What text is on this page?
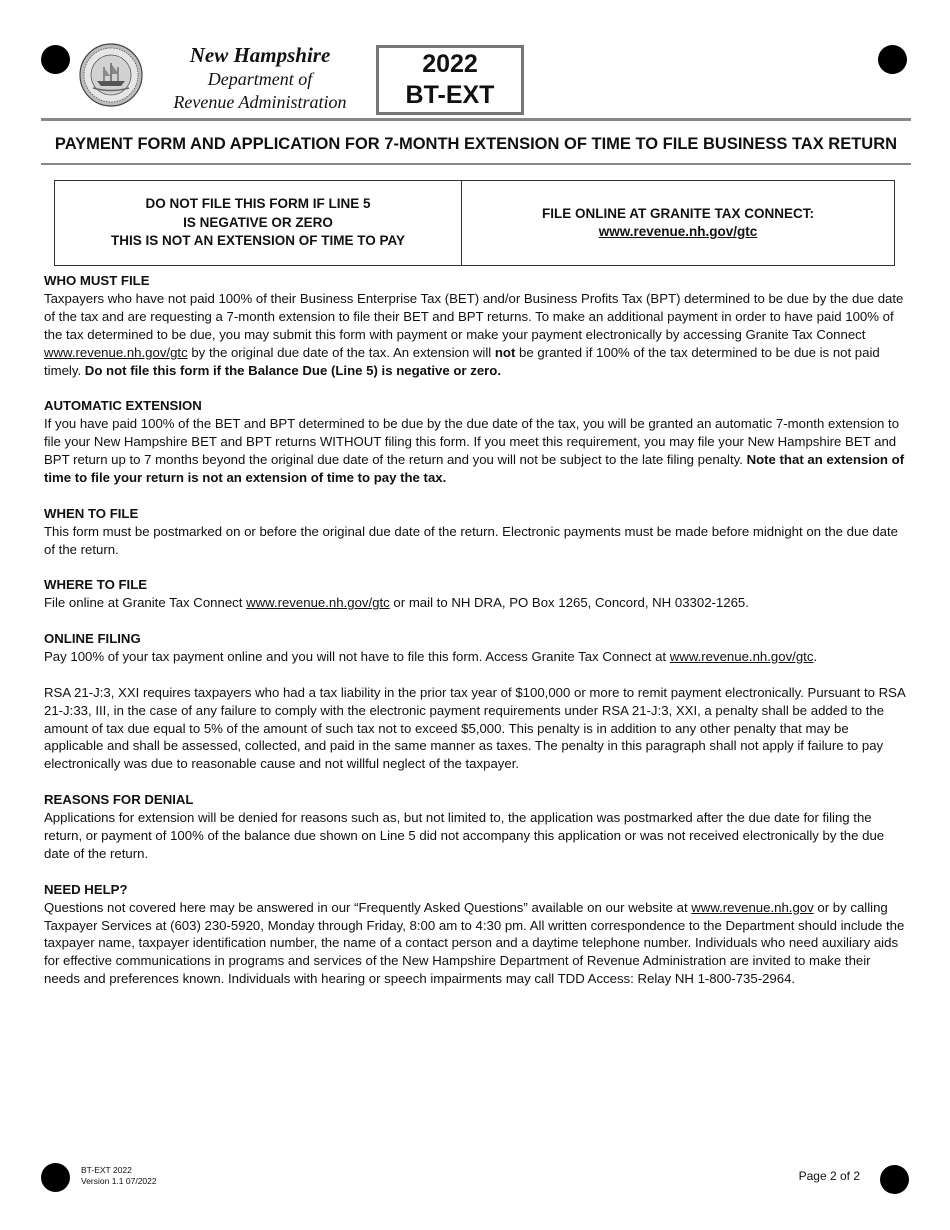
New Hampshire
Department of
Revenue Administration
2022
BT-EXT
PAYMENT FORM AND APPLICATION FOR 7-MONTH EXTENSION OF TIME TO FILE BUSINESS TAX RETURN
DO NOT FILE THIS FORM IF LINE 5
IS NEGATIVE OR ZERO
THIS IS NOT AN EXTENSION OF TIME TO PAY
FILE ONLINE AT GRANITE TAX CONNECT:
www.revenue.nh.gov/gtc
WHO MUST FILE

Taxpayers who have not paid 100% of their Business Enterprise Tax (BET) and/or Business Profits Tax (BPT) determined to be due by the due date of the tax and are requesting a 7-month extension to file their BET and BPT returns. To make an additional payment in order to have paid 100% of the tax determined to be due, you may submit this form with payment or make your payment electronically by accessing Granite Tax Connect www.revenue.nh.gov/gtc by the original due date of the tax. An extension will not be granted if 100% of the tax determined to be due is not paid timely. Do not file this form if the Balance Due (Line 5) is negative or zero.

AUTOMATIC EXTENSION

If you have paid 100% of the BET and BPT determined to be due by the due date of the tax, you will be granted an automatic 7-month extension to file your New Hampshire BET and BPT returns WITHOUT filing this form. If you meet this requirement, you may file your New Hampshire BET and BPT return up to 7 months beyond the original due date of the return and you will not be subject to the late filing penalty. Note that an extension of time to file your return is not an extension of time to pay the tax.

WHEN TO FILE

This form must be postmarked on or before the original due date of the return. Electronic payments must be made before midnight on the due date of the return.

WHERE TO FILE

File online at Granite Tax Connect www.revenue.nh.gov/gtc or mail to NH DRA, PO Box 1265, Concord, NH 03302-1265.

ONLINE FILING

Pay 100% of your tax payment online and you will not have to file this form. Access Granite Tax Connect at www.revenue.nh.gov/gtc.

RSA 21-J:3, XXI requires taxpayers who had a tax liability in the prior tax year of $100,000 or more to remit payment electronically. Pursuant to RSA 21-J:33, III, in the case of any failure to comply with the electronic payment requirements under RSA 21-J:3, XXI, a penalty shall be added to the amount of tax due equal to 5% of the amount of such tax not to exceed $5,000. This penalty is in addition to any other penalty that may be applicable and shall be assessed, collected, and paid in the same manner as taxes. The penalty in this paragraph shall not apply if failure to pay electronically was due to reasonable cause and not willful neglect of the taxpayer.

REASONS FOR DENIAL

Applications for extension will be denied for reasons such as, but not limited to, the application was postmarked after the due date for filing the return, or payment of 100% of the balance due shown on Line 5 did not accompany this application or was not received electronically by the due date of the return.

NEED HELP?

Questions not covered here may be answered in our “Frequently Asked Questions” available on our website at www.revenue.nh.gov or by calling Taxpayer Services at (603) 230-5920, Monday through Friday, 8:00 am to 4:30 pm. All written correspondence to the Department should include the taxpayer name, taxpayer identification number, the name of a contact person and a daytime telephone number. Individuals who need auxiliary aids for effective communications in programs and services of the New Hampshire Department of Revenue Administration are invited to make their needs and preferences known. Individuals with hearing or speech impairments may call TDD Access: Relay NH 1-800-735-2964.

BT-EXT 2022
Version 1.1 07/2022	Page 2 of 2
